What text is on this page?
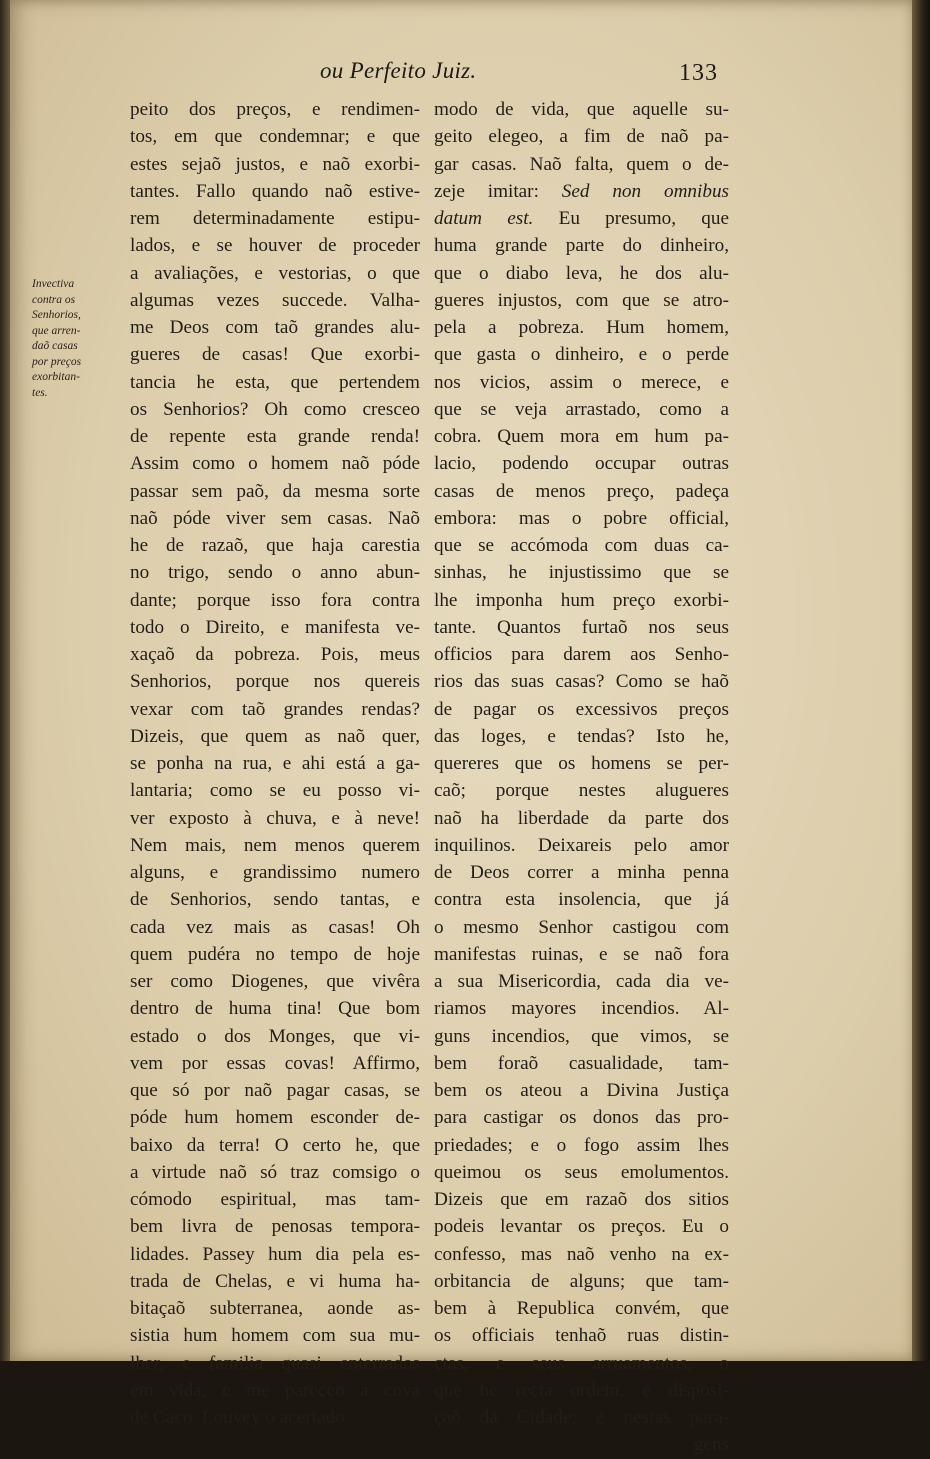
ou Perfeito Juiz.	133
Invectiva
contra os
Senhorios,
que arren-
daõ casas
por preços
exorbitan-
tes.
peito dos preços, e rendimen-
tos, em que condemnar; e que
estes sejaõ justos, e naõ exorbi-
tantes. Fallo quando naõ estive-
rem determinadamente estipu-
lados, e se houver de proceder
a avaliações, e vestorias, o que
algumas vezes succede. Valha-
me Deos com taõ grandes alu-
gueres de casas! Que exorbi-
tancia he esta, que pertendem
os Senhorios? Oh como cresceo
de repente esta grande renda!
Assim como o homem naõ póde
passar sem paõ, da mesma sorte
naõ póde viver sem casas. Naõ
he de razaõ, que haja carestia
no trigo, sendo o anno abun-
dante; porque isso fora contra
todo o Direito, e manifesta ve-
xaçaõ da pobreza. Pois, meus
Senhorios, porque nos quereis
vexar com taõ grandes rendas?
Dizeis, que quem as naõ quer,
se ponha na rua, e ahi está a ga-
lantaria; como se eu posso vi-
ver exposto à chuva, e à neve!
Nem mais, nem menos querem
alguns, e grandissimo numero
de Senhorios, sendo tantas, e
cada vez mais as casas! Oh
quem pudéra no tempo de hoje
ser como Diogenes, que vivêra
dentro de huma tina! Que bom
estado o dos Monges, que vi-
vem por essas covas! Affirmo,
que só por naõ pagar casas, se
póde hum homem esconder de-
baixo da terra! O certo he, que
a virtude naõ só traz comsigo o
cómodo espiritual, mas tam-
bem livra de penosas tempora-
lidades. Passey hum dia pela es-
trada de Chelas, e vi huma ha-
bitaçaõ subterranea, aonde as-
sistia hum homem com sua mu-
lher, e familia quasi enterrados
em vida, e me pareceo a cova
de Caco. Louvey o acertado
modo de vida, que aquelle su-
geito elegeo, a fim de naõ pa-
gar casas. Naõ falta, quem o de-
zeje imitar: Sed non omnibus
datum est. Eu presumo, que
huma grande parte do dinheiro,
que o diabo leva, he dos alu-
gueres injustos, com que se atro-
pela a pobreza. Hum homem,
que gasta o dinheiro, e o perde
nos vicios, assim o merece, e
que se veja arrastado, como a
cobra. Quem mora em hum pa-
lacio, podendo occupar outras
casas de menos preço, padeça
embora: mas o pobre official,
que se accómoda com duas ca-
sinhas, he injustissimo que se
lhe imponha hum preço exorbi-
tante. Quantos furtaõ nos seus
officios para darem aos Senho-
rios das suas casas? Como se haõ
de pagar os excessivos preços
das loges, e tendas? Isto he,
quereres que os homens se per-
caõ; porque nestes alugueres
naõ ha liberdade da parte dos
inquilinos. Deixareis pelo amor
de Deos correr a minha penna
contra esta insolencia, que já
o mesmo Senhor castigou com
manifestas ruinas, e se naõ fora
a sua Misericordia, cada dia ve-
riamos mayores incendios. Al-
guns incendios, que vimos, se
bem foraõ casualidade, tam-
bem os ateou a Divina Justiça
para castigar os donos das pro-
priedades; e o fogo assim lhes
queimou os seus emolumentos.
Dizeis que em razaõ dos sitios
podeis levantar os preços. Eu o
confesso, mas naõ venho na ex-
orbitancia de alguns; que tam-
bem à Republica convém, que
os officiais tenhaõ ruas distin-
ctas, e seus arruamentos, o
que he recta ordem, e disposi-
çaõ da Cidade; e nestas para-
gens
